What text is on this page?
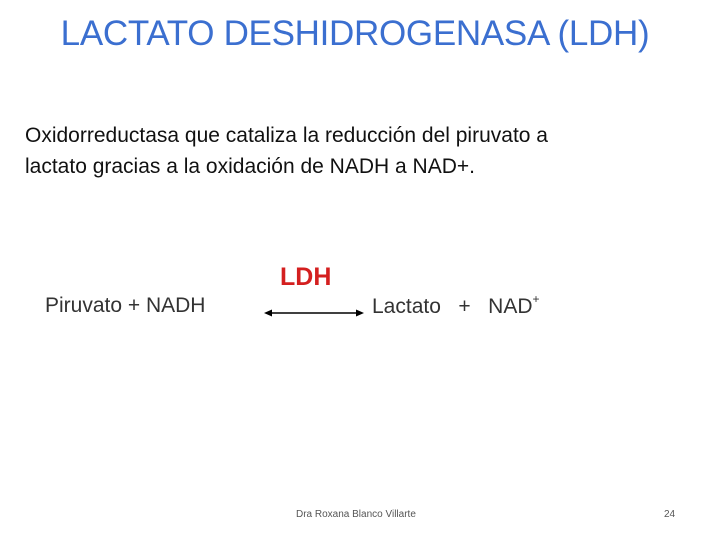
LACTATO DESHIDROGENASA (LDH)

Oxidorreductasa que cataliza la reducción del piruvato a

lactato gracias a la oxidación de NADH a NAD+.

Piruvato + NADH
LDH
Lactato   +   NAD+
Dra Roxana Blanco Villarte	24
